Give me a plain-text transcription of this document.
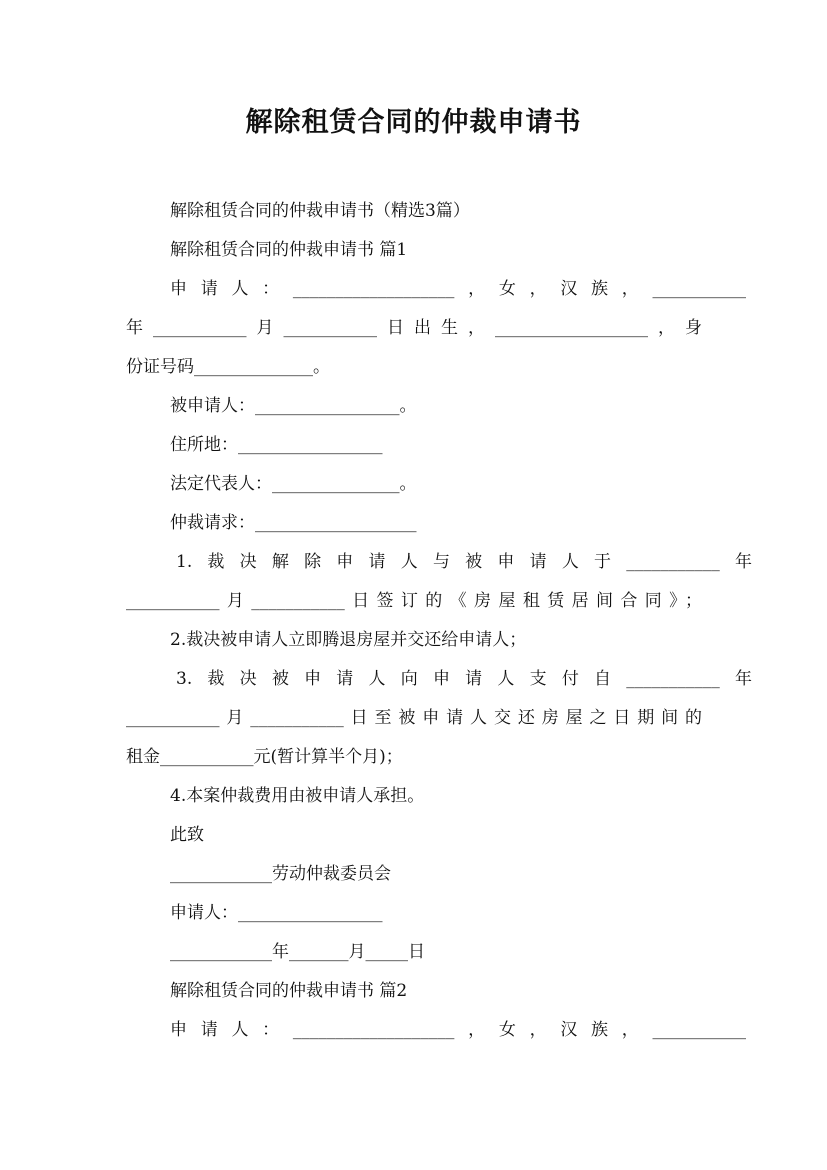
解除租赁合同的仲裁申请书
解除租赁合同的仲裁申请书（精选3篇）
解除租赁合同的仲裁申请书 篇1
申请人：___________________，女，汉族，___________
年___________月___________日出生，__________________，身
份证号码______________。
被申请人：_________________。
住所地：_________________
法定代表人：_______________。
仲裁请求：___________________
1.裁决解除申请人与被申请人于___________年
___________月___________日签订的《房屋租赁居间合同》；
2.裁决被申请人立即腾退房屋并交还给申请人；
3.裁决被申请人向申请人支付自___________年
___________月___________日至被申请人交还房屋之日期间的
租金___________元(暂计算半个月)；
4.本案仲裁费用由被申请人承担。
此致
____________劳动仲裁委员会
申请人：_________________
____________年_______月_____日
解除租赁合同的仲裁申请书 篇2
申请人：___________________，女，汉族，___________
